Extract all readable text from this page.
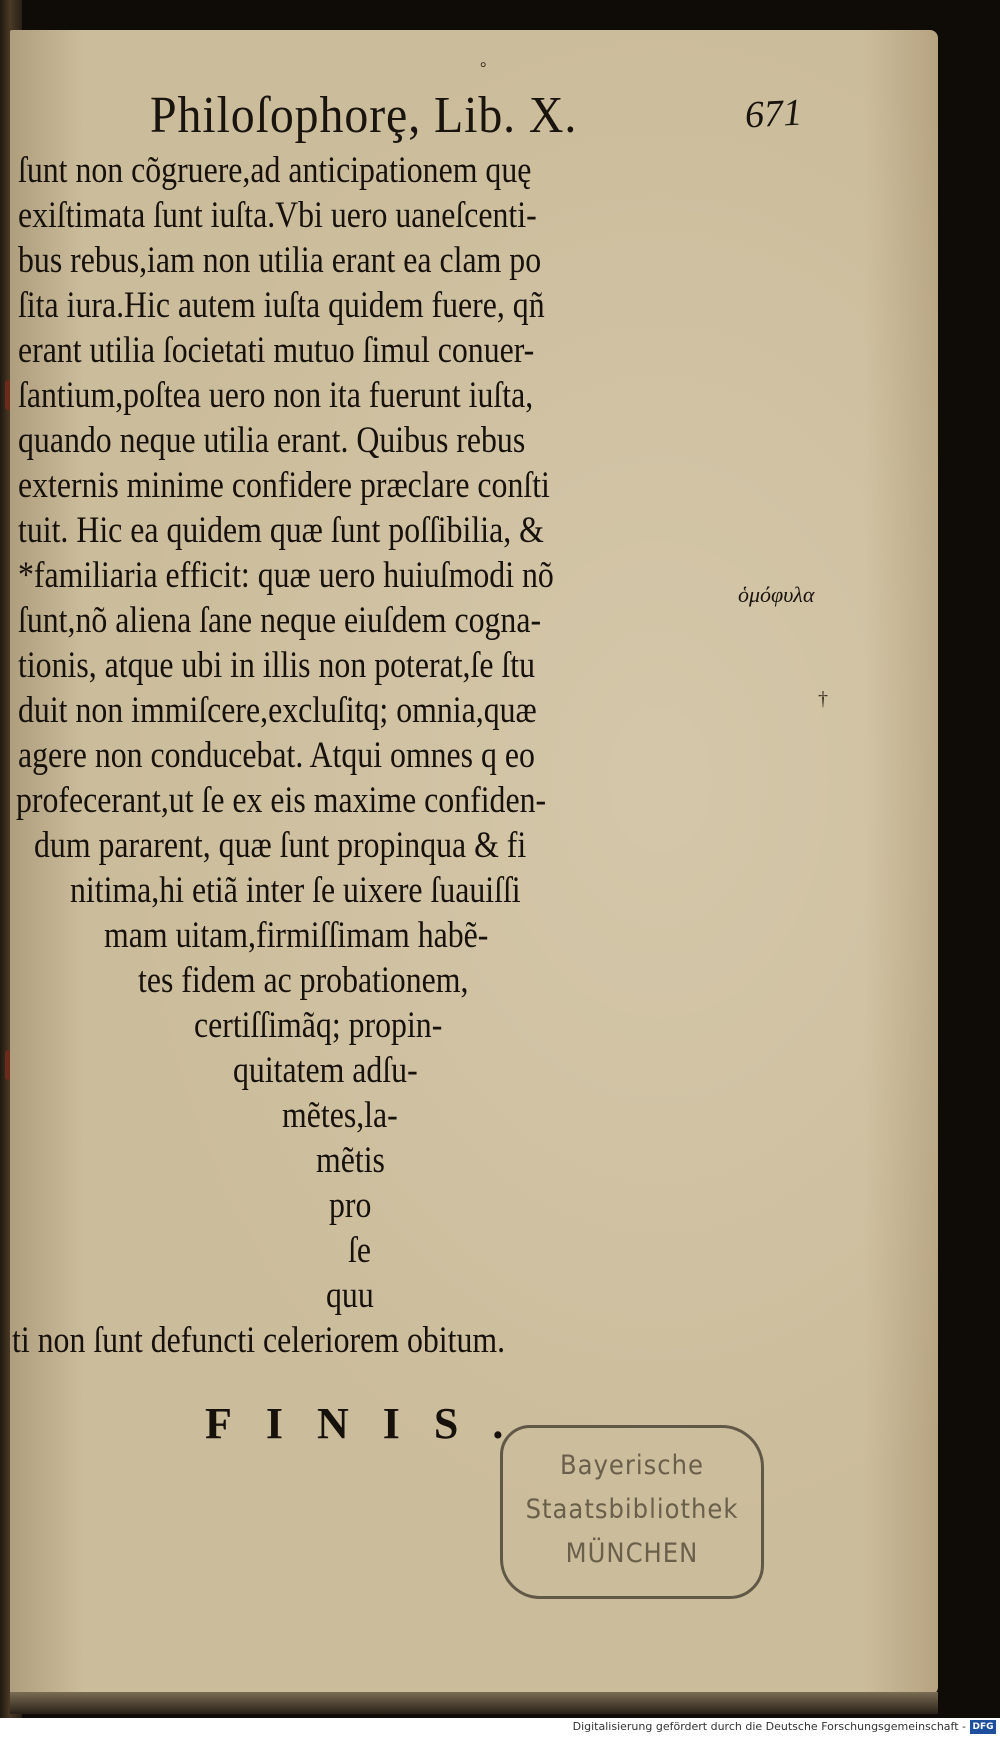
°
Philoſophorȩ, Lib. X.	671
ſunt non cõgruere,ad anticipationem quę
exiſtimata ſunt iuſta.Vbi uero uaneſcenti-
bus rebus,iam non utilia erant ea clam po
ſita iura.Hic autem iuſta quidem fuere, qñ
erant utilia ſocietati mutuo ſimul conuer-
ſantium,poſtea uero non ita fuerunt iuſta,
quando neque utilia erant. Quibus rebus
externis minime confidere præclare conſti
tuit. Hic ea quidem quæ ſunt poſſibilia, &
*familiaria efficit: quæ uero huiuſmodi nõ
ſunt,nõ aliena ſane neque eiuſdem cogna-
tionis, atque ubi in illis non poterat,ſe ſtu
duit non immiſcere,excluſitq; omnia,quæ
agere non conducebat. Atqui omnes q eo
profecerant,ut ſe ex eis maxime confiden-
dum pararent, quæ ſunt propinqua & fi
nitima,hi etiã inter ſe uixere ſuauiſſi
mam uitam,firmiſſimam habẽ-
tes fidem ac probationem,
certiſſimãq; propin-
quitatem adſu-
mẽtes,la-
mẽtis
pro
ſe
quu
ti non ſunt defuncti celeriorem obitum.
ὁμόφυλα
†
FINIS.
Bayerische
Staatsbibliothek
MÜNCHEN
Digitalisierung gefördert durch die Deutsche Forschungsgemeinschaft - DFG
